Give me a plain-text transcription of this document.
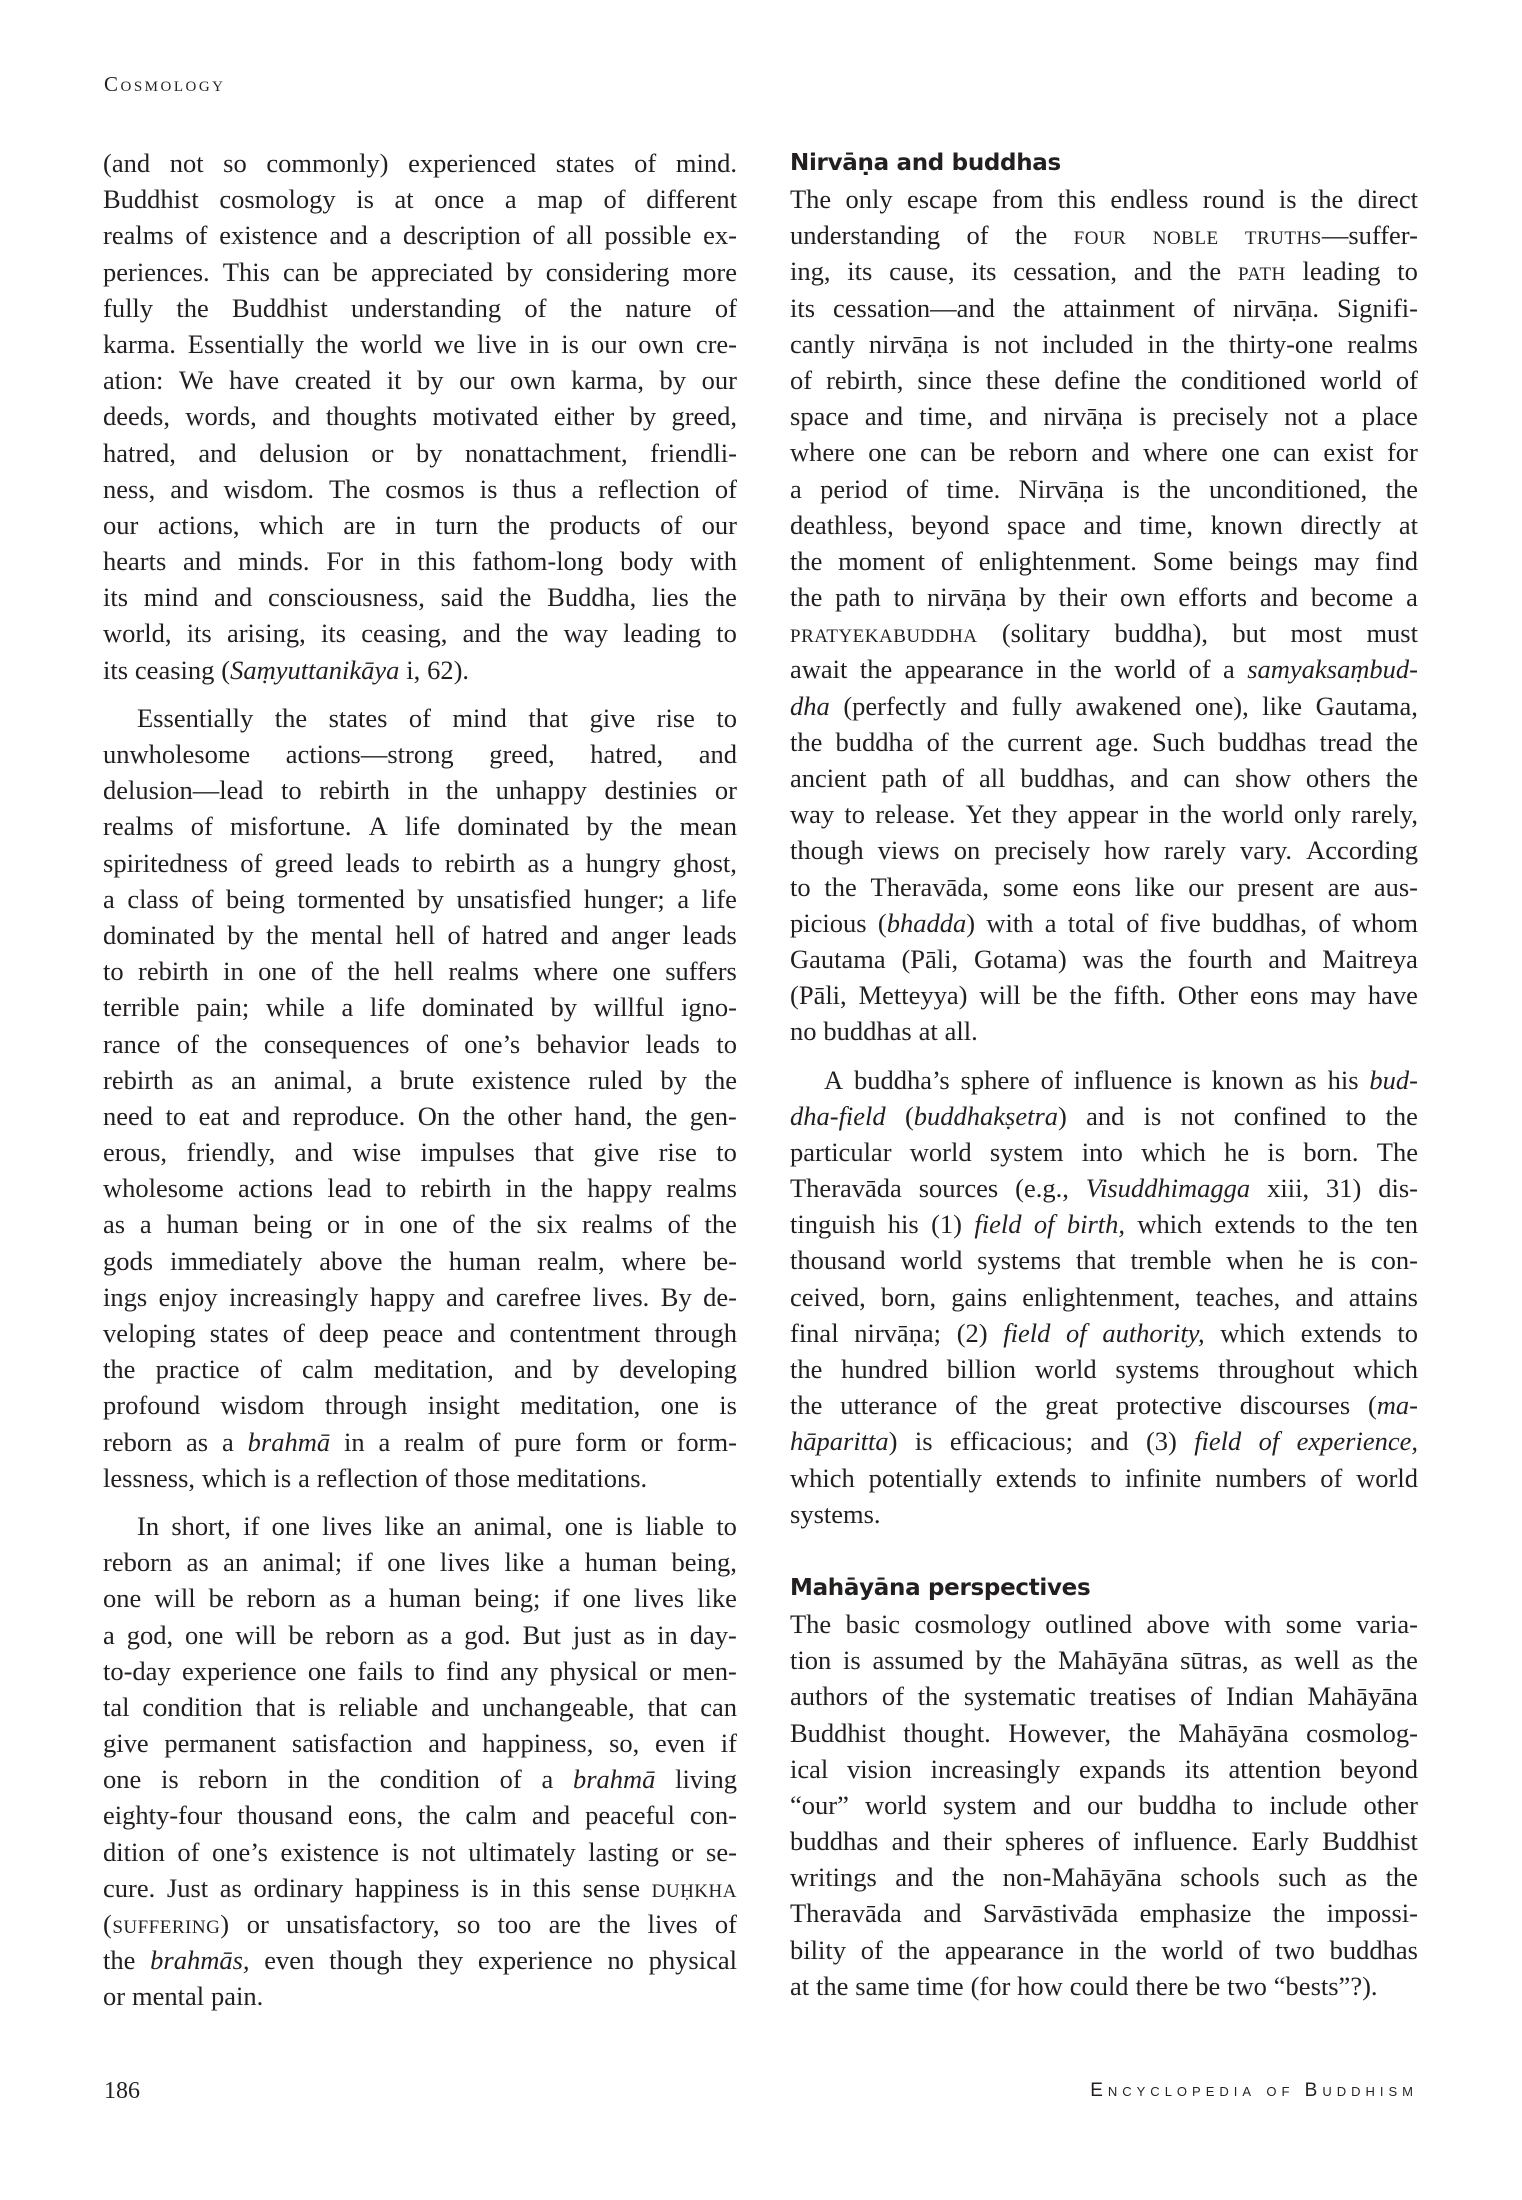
Cosmology
(and not so commonly) experienced states of mind.
Buddhist cosmology is at once a map of different
realms of existence and a description of all possible ex-
periences. This can be appreciated by considering more
fully the Buddhist understanding of the nature of
karma. Essentially the world we live in is our own cre-
ation: We have created it by our own karma, by our
deeds, words, and thoughts motivated either by greed,
hatred, and delusion or by nonattachment, friendli-
ness, and wisdom. The cosmos is thus a reflection of
our actions, which are in turn the products of our
hearts and minds. For in this fathom-long body with
its mind and consciousness, said the Buddha, lies the
world, its arising, its ceasing, and the way leading to
its ceasing (Saṃyuttanikāya i, 62).
Essentially the states of mind that give rise to
unwholesome actions—strong greed, hatred, and
delusion—lead to rebirth in the unhappy destinies or
realms of misfortune. A life dominated by the mean
spiritedness of greed leads to rebirth as a hungry ghost,
a class of being tormented by unsatisfied hunger; a life
dominated by the mental hell of hatred and anger leads
to rebirth in one of the hell realms where one suffers
terrible pain; while a life dominated by willful igno-
rance of the consequences of one’s behavior leads to
rebirth as an animal, a brute existence ruled by the
need to eat and reproduce. On the other hand, the gen-
erous, friendly, and wise impulses that give rise to
wholesome actions lead to rebirth in the happy realms
as a human being or in one of the six realms of the
gods immediately above the human realm, where be-
ings enjoy increasingly happy and carefree lives. By de-
veloping states of deep peace and contentment through
the practice of calm meditation, and by developing
profound wisdom through insight meditation, one is
reborn as a brahmā in a realm of pure form or form-
lessness, which is a reflection of those meditations.
In short, if one lives like an animal, one is liable to
reborn as an animal; if one lives like a human being,
one will be reborn as a human being; if one lives like
a god, one will be reborn as a god. But just as in day-
to-day experience one fails to find any physical or men-
tal condition that is reliable and unchangeable, that can
give permanent satisfaction and happiness, so, even if
one is reborn in the condition of a brahmā living
eighty-four thousand eons, the calm and peaceful con-
dition of one’s existence is not ultimately lasting or se-
cure. Just as ordinary happiness is in this sense duḥkha
(suffering) or unsatisfactory, so too are the lives of
the brahmās, even though they experience no physical
or mental pain.
Nirvāṇa and buddhas
The only escape from this endless round is the direct
understanding of the four noble truths—suffer-
ing, its cause, its cessation, and the path leading to
its cessation—and the attainment of nirvāṇa. Signifi-
cantly nirvāṇa is not included in the thirty-one realms
of rebirth, since these define the conditioned world of
space and time, and nirvāṇa is precisely not a place
where one can be reborn and where one can exist for
a period of time. Nirvāṇa is the unconditioned, the
deathless, beyond space and time, known directly at
the moment of enlightenment. Some beings may find
the path to nirvāṇa by their own efforts and become a
pratyekabuddha (solitary buddha), but most must
await the appearance in the world of a samyaksaṃbud-
dha (perfectly and fully awakened one), like Gautama,
the buddha of the current age. Such buddhas tread the
ancient path of all buddhas, and can show others the
way to release. Yet they appear in the world only rarely,
though views on precisely how rarely vary. According
to the Theravāda, some eons like our present are aus-
picious (bhadda) with a total of five buddhas, of whom
Gautama (Pāli, Gotama) was the fourth and Maitreya
(Pāli, Metteyya) will be the fifth. Other eons may have
no buddhas at all.
A buddha’s sphere of influence is known as his bud-
dha-field (buddhakṣetra) and is not confined to the
particular world system into which he is born. The
Theravāda sources (e.g., Visuddhimagga xiii, 31) dis-
tinguish his (1) field of birth, which extends to the ten
thousand world systems that tremble when he is con-
ceived, born, gains enlightenment, teaches, and attains
final nirvāṇa; (2) field of authority, which extends to
the hundred billion world systems throughout which
the utterance of the great protective discourses (ma-
hāparitta) is efficacious; and (3) field of experience,
which potentially extends to infinite numbers of world
systems.
Mahāyāna perspectives
The basic cosmology outlined above with some varia-
tion is assumed by the Mahāyāna sūtras, as well as the
authors of the systematic treatises of Indian Mahāyāna
Buddhist thought. However, the Mahāyāna cosmolog-
ical vision increasingly expands its attention beyond
“our” world system and our buddha to include other
buddhas and their spheres of influence. Early Buddhist
writings and the non-Mahāyāna schools such as the
Theravāda and Sarvāstivāda emphasize the impossi-
bility of the appearance in the world of two buddhas
at the same time (for how could there be two “bests”?).
186	Encyclopedia of Buddhism
